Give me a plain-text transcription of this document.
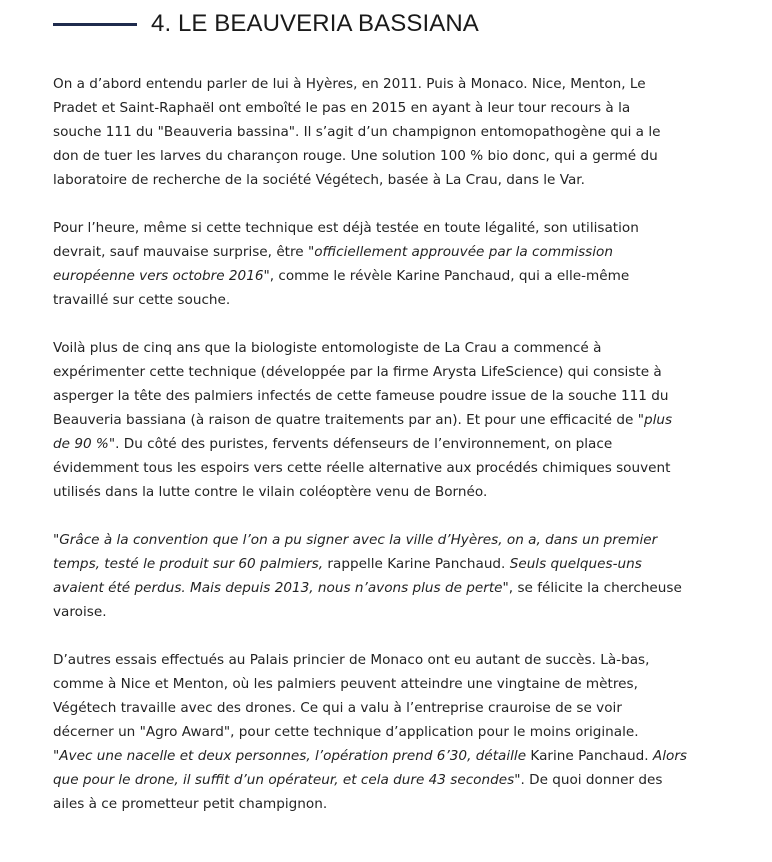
4. LE BEAUVERIA BASSIANA

On a d’abord entendu parler de lui à Hyères, en 2011. Puis à Monaco. Nice, Menton, Le
Pradet et Saint-Raphaël ont emboîté le pas en 2015 en ayant à leur tour recours à la
souche 111 du "Beauveria bassina". Il s’agit d’un champignon entomopathogène qui a le
don de tuer les larves du charançon rouge. Une solution 100 % bio donc, qui a germé du
laboratoire de recherche de la société Végétech, basée à La Crau, dans le Var.

Pour l’heure, même si cette technique est déjà testée en toute légalité, son utilisation
devrait, sauf mauvaise surprise, être "officiellement approuvée par la commission
européenne vers octobre 2016", comme le révèle Karine Panchaud, qui a elle-même
travaillé sur cette souche.

Voilà plus de cinq ans que la biologiste entomologiste de La Crau a commencé à
expérimenter cette technique (développée par la firme Arysta LifeScience) qui consiste à
asperger la tête des palmiers infectés de cette fameuse poudre issue de la souche 111 du
Beauveria bassiana (à raison de quatre traitements par an). Et pour une efficacité de "plus
de 90 %". Du côté des puristes, fervents défenseurs de l’environnement, on place
évidemment tous les espoirs vers cette réelle alternative aux procédés chimiques souvent
utilisés dans la lutte contre le vilain coléoptère venu de Bornéo.

"Grâce à la convention que l’on a pu signer avec la ville d’Hyères, on a, dans un premier
temps, testé le produit sur 60 palmiers, rappelle Karine Panchaud. Seuls quelques-uns
avaient été perdus. Mais depuis 2013, nous n’avons plus de perte", se félicite la chercheuse
varoise.

D’autres essais effectués au Palais princier de Monaco ont eu autant de succès. Là-bas,
comme à Nice et Menton, où les palmiers peuvent atteindre une vingtaine de mètres,
Végétech travaille avec des drones. Ce qui a valu à l’entreprise crauroise de se voir
décerner un "Agro Award", pour cette technique d’application pour le moins originale.
"Avec une nacelle et deux personnes, l’opération prend 6’30, détaille Karine Panchaud. Alors
que pour le drone, il suffit d’un opérateur, et cela dure 43 secondes". De quoi donner des
ailes à ce prometteur petit champignon.
